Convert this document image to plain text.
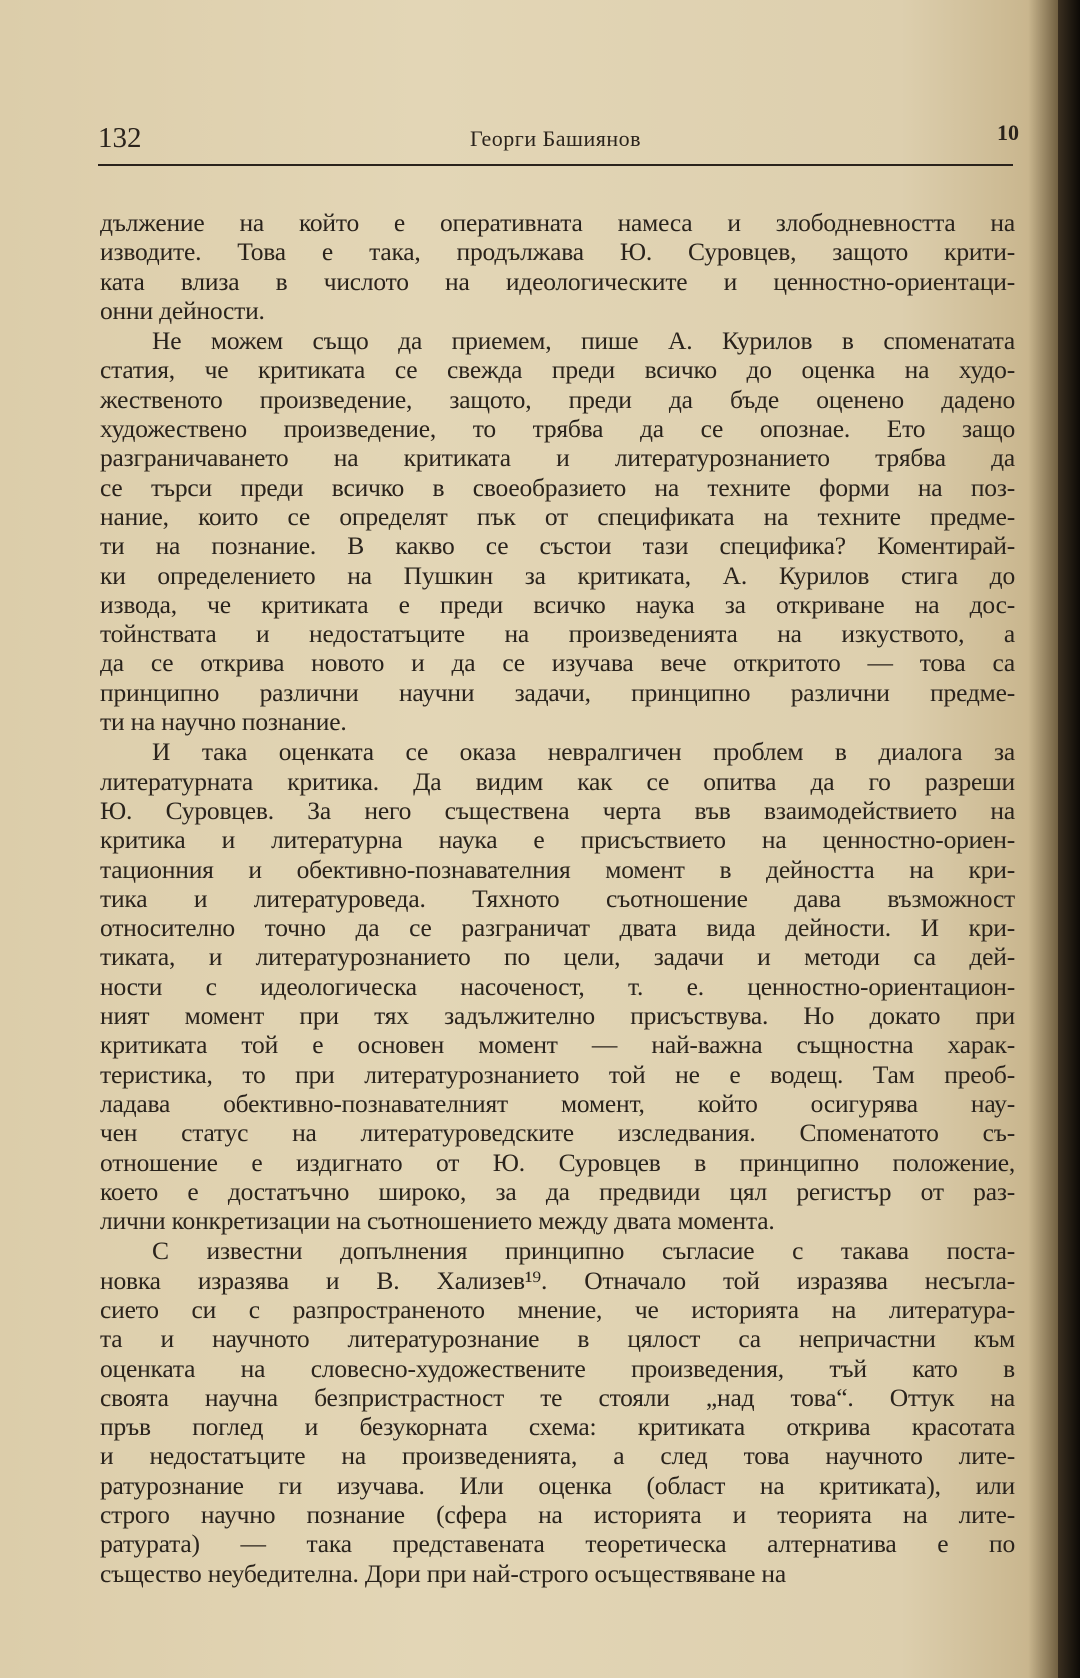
132	Георги Башиянов	10
дължение на който е оперативната намеса и злободневността на
изводите. Това е така, продължава Ю. Суровцев, защото крити-
ката влиза в числото на идеологическите и ценностно-ориентаци-
онни дейности.
Не можем също да приемем, пише А. Курилов в споменатата
статия, че критиката се свежда преди всичко до оценка на худо-
жественото произведение, защото, преди да бъде оценено дадено
художествено произведение, то трябва да се опознае. Ето защо
разграничаването на критиката и литературознанието трябва да
се търси преди всичко в своеобразието на техните форми на поз-
нание, които се определят пък от спецификата на техните предме-
ти на познание. В какво се състои тази специфика? Коментирай-
ки определението на Пушкин за критиката, А. Курилов стига до
извода, че критиката е преди всичко наука за откриване на дос-
тойнствата и недостатъците на произведенията на изкуството, а
да се открива новото и да се изучава вече откритото — това са
принципно различни научни задачи, принципно различни предме-
ти на научно познание.
И така оценката се оказа невралгичен проблем в диалога за
литературната критика. Да видим как се опитва да го разреши
Ю. Суровцев. За него съществена черта във взаимодействието на
критика и литературна наука е присъствието на ценностно-ориен-
тационния и обективно-познавателния момент в дейността на кри-
тика и литературоведа. Тяхното съотношение дава възможност
относително точно да се разграничат двата вида дейности. И кри-
тиката, и литературознанието по цели, задачи и методи са дей-
ности с идеологическа насоченост, т. е. ценностно-ориентацион-
ният момент при тях задължително присъствува. Но докато при
критиката той е основен момент — най-важна същностна харак-
теристика, то при литературознанието той не е водещ. Там преоб-
ладава обективно-познавателният момент, който осигурява нау-
чен статус на литературоведските изследвания. Споменатото съ-
отношение е издигнато от Ю. Суровцев в принципно положение,
което е достатъчно широко, за да предвиди цял регистър от раз-
лични конкретизации на съотношението между двата момента.
С известни допълнения принципно съгласие с такава поста-
новка изразява и В. Хализев¹⁹. Отначало той изразява несъгла-
сието си с разпространеното мнение, че историята на литература-
та и научното литературознание в цялост са непричастни към
оценката на словесно-художествените произведения, тъй като в
своята научна безпристрастност те стояли „над това“. Оттук на
пръв поглед и безукорната схема: критиката открива красотата
и недостатъците на произведенията, а след това научното лите-
ратурознание ги изучава. Или оценка (област на критиката), или
строго научно познание (сфера на историята и теорията на лите-
ратурата) — така представената теоретическа алтернатива е по
същество неубедителна. Дори при най-строго осъществяване на
